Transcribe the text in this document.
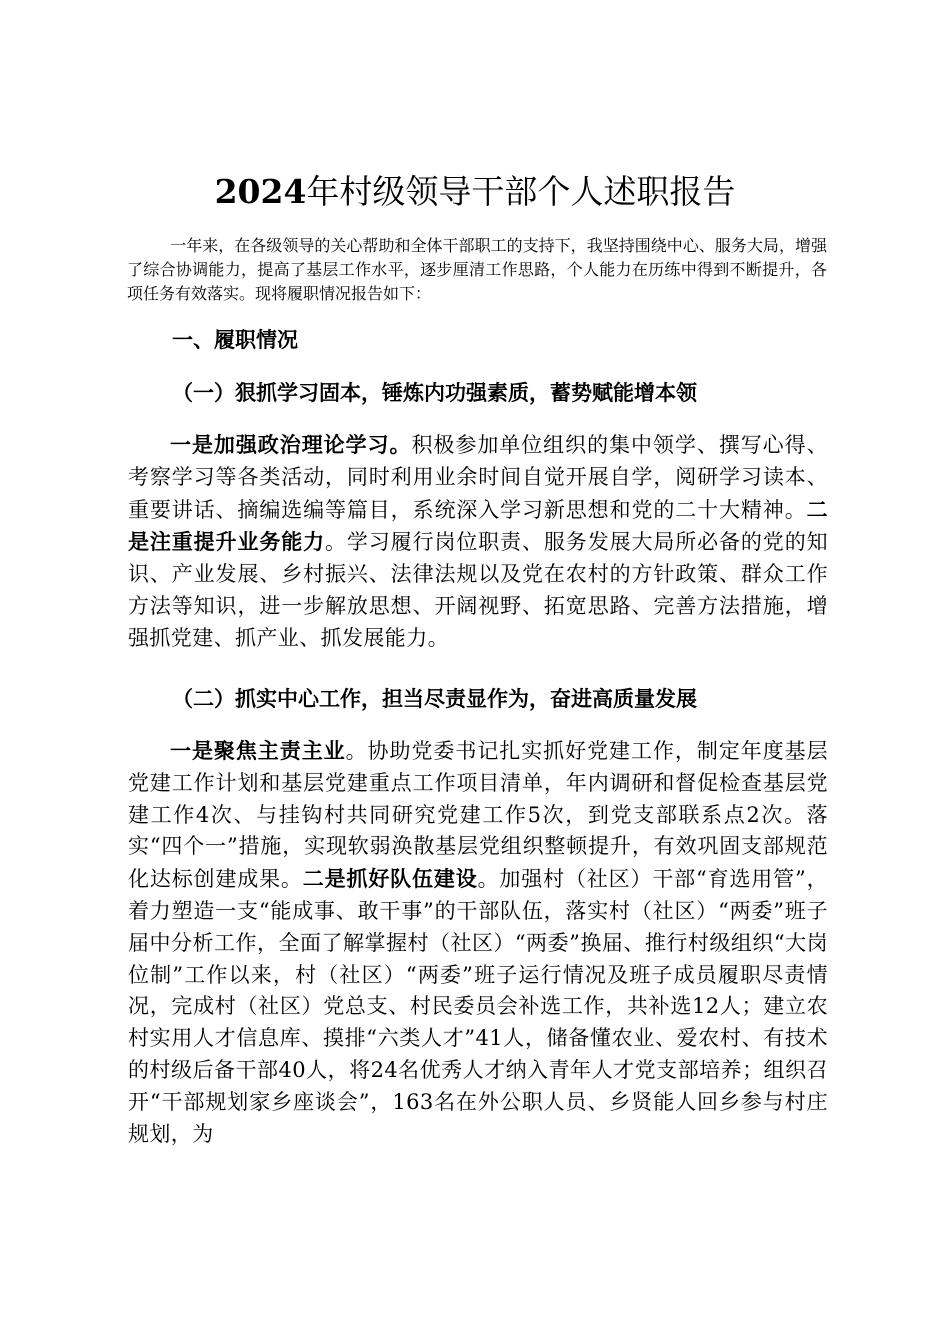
2024年村级领导干部个人述职报告

一年来，在各级领导的关心帮助和全体干部职工的支持下，我坚持围绕中心、服务大局，增强了综合协调能力，提高了基层工作水平，逐步厘清工作思路，个人能力在历练中得到不断提升，各项任务有效落实。现将履职情况报告如下：

一、履职情况
（一）狠抓学习固本，锤炼内功强素质，蓄势赋能增本领

一是加强政治理论学习。积极参加单位组织的集中领学、撰写心得、考察学习等各类活动，同时利用业余时间自觉开展自学，阅研学习读本、重要讲话、摘编选编等篇目，系统深入学习新思想和党的二十大精神。二是注重提升业务能力。学习履行岗位职责、服务发展大局所必备的党的知识、产业发展、乡村振兴、法律法规以及党在农村的方针政策、群众工作方法等知识，进一步解放思想、开阔视野、拓宽思路、完善方法措施，增强抓党建、抓产业、抓发展能力。

（二）抓实中心工作，担当尽责显作为，奋进高质量发展

一是聚焦主责主业。协助党委书记扎实抓好党建工作，制定年度基层党建工作计划和基层党建重点工作项目清单，年内调研和督促检查基层党建工作4次、与挂钩村共同研究党建工作5次，到党支部联系点2次。落实“四个一”措施，实现软弱涣散基层党组织整顿提升，有效巩固支部规范化达标创建成果。二是抓好队伍建设。加强村（社区）干部“育选用管”，着力塑造一支“能成事、敢干事”的干部队伍，落实村（社区）“两委”班子届中分析工作，全面了解掌握村（社区）“两委”换届、推行村级组织“大岗位制”工作以来，村（社区）“两委”班子运行情况及班子成员履职尽责情况，完成村（社区）党总支、村民委员会补选工作，共补选12人；建立农村实用人才信息库、摸排“六类人才”41人，储备懂农业、爱农村、有技术的村级后备干部40人，将24名优秀人才纳入青年人才党支部培养；组织召开“干部规划家乡座谈会”，163名在外公职人员、乡贤能人回乡参与村庄规划，为
